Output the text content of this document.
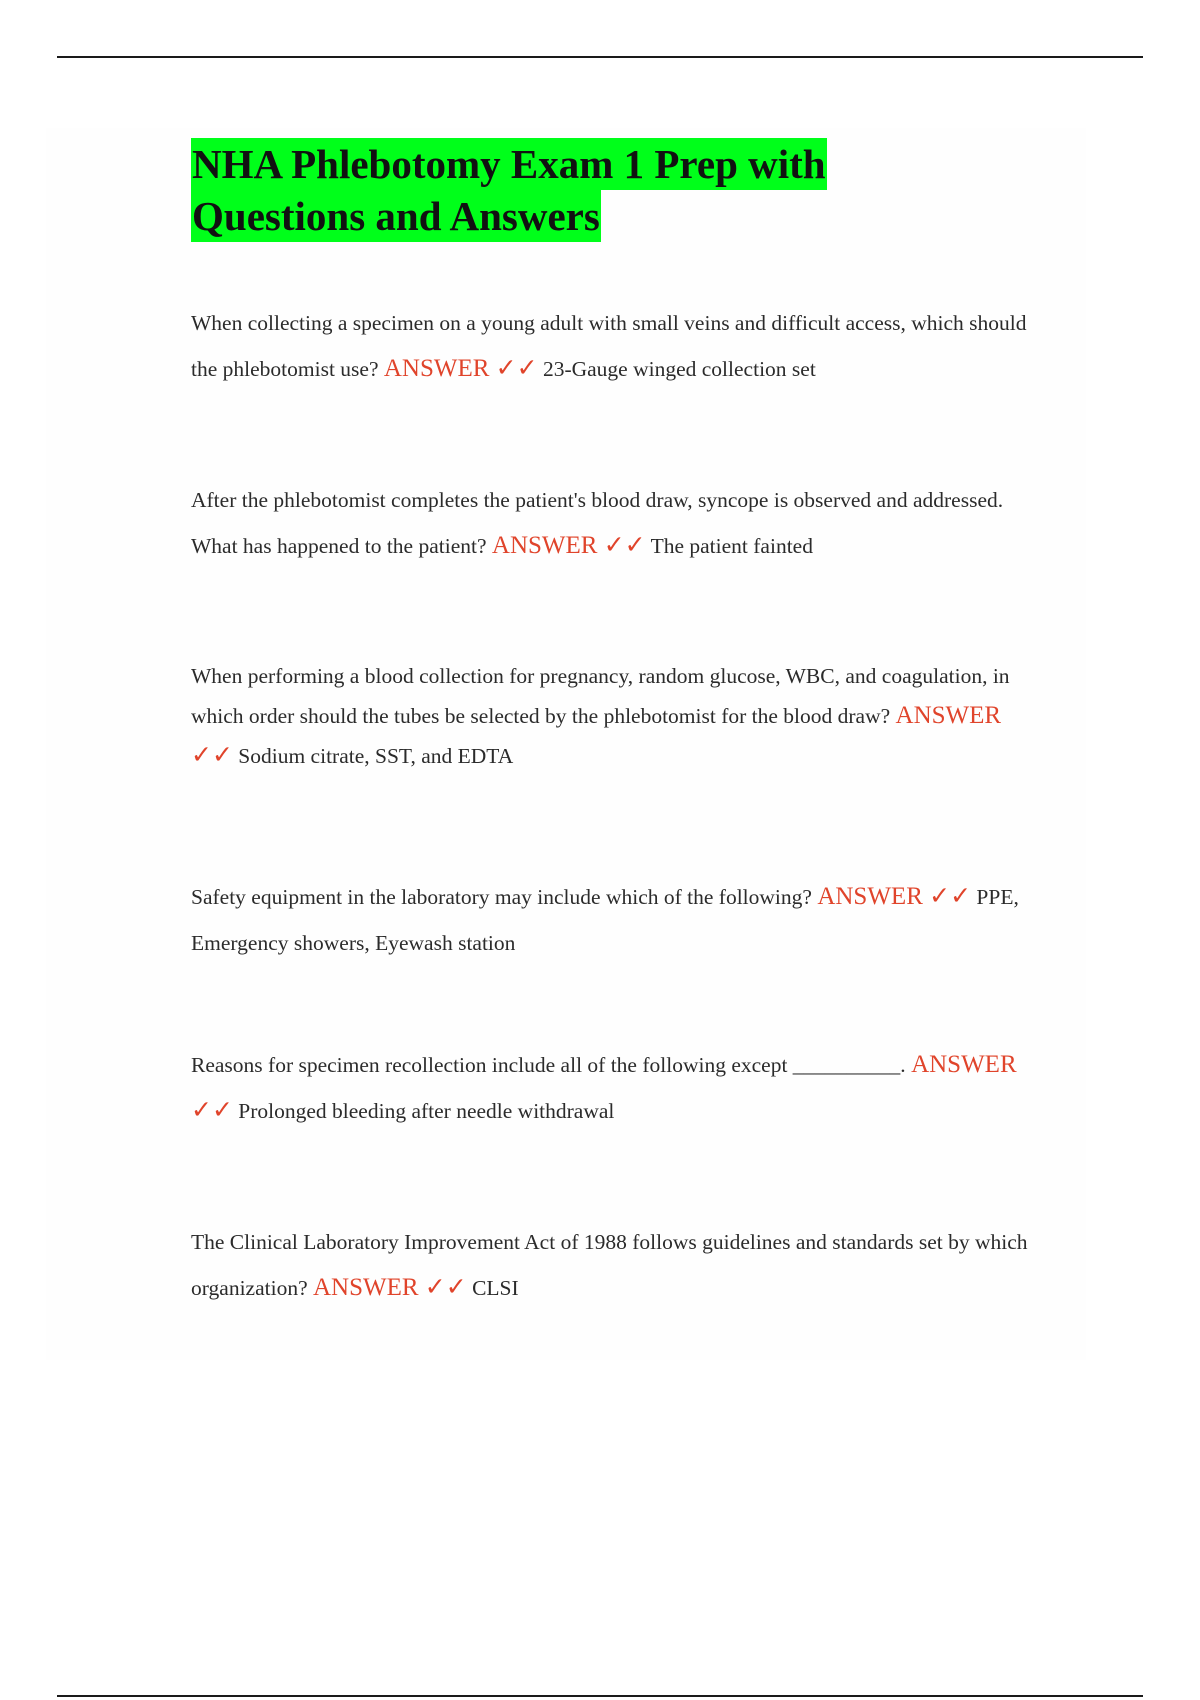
NHA Phlebotomy Exam 1 Prep with
Questions and Answers
When collecting a specimen on a young adult with small veins and difficult access, which should the phlebotomist use? ANSWER ✓✓ 23-Gauge winged collection set
After the phlebotomist completes the patient's blood draw, syncope is observed and addressed. What has happened to the patient? ANSWER ✓✓ The patient fainted
When performing a blood collection for pregnancy, random glucose, WBC, and coagulation, in which order should the tubes be selected by the phlebotomist for the blood draw? ANSWER ✓✓ Sodium citrate, SST, and EDTA
Safety equipment in the laboratory may include which of the following? ANSWER ✓✓ PPE, Emergency showers, Eyewash station
Reasons for specimen recollection include all of the following except __________. ANSWER ✓✓ Prolonged bleeding after needle withdrawal
The Clinical Laboratory Improvement Act of 1988 follows guidelines and standards set by which organization? ANSWER ✓✓ CLSI
